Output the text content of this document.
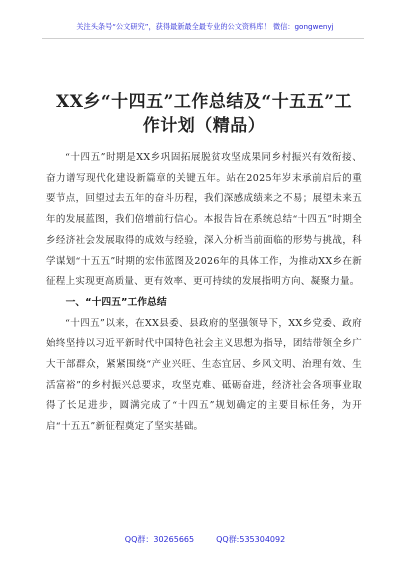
关注头条号“公文研究”，获得最新最全最专业的公文资料库！ 微信：gongwenyj
XX乡“十四五”工作总结及“十五五”工作计划（精品）

“十四五”时期是XX乡巩固拓展脱贫攻坚成果同乡村振兴有效衔接、奋力谱写现代化建设新篇章的关键五年。站在2025年岁末承前启后的重要节点，回望过去五年的奋斗历程，我们深感成绩来之不易；展望未来五年的发展蓝图，我们倍增前行信心。本报告旨在系统总结“十四五”时期全乡经济社会发展取得的成效与经验，深入分析当前面临的形势与挑战，科学谋划“十五五”时期的宏伟蓝图及2026年的具体工作，为推动XX乡在新征程上实现更高质量、更有效率、更可持续的发展指明方向、凝聚力量。

一、“十四五”工作总结

“十四五”以来，在XX县委、县政府的坚强领导下，XX乡党委、政府始终坚持以习近平新时代中国特色社会主义思想为指导，团结带领全乡广大干部群众，紧紧围绕“产业兴旺、生态宜居、乡风文明、治理有效、生活富裕”的乡村振兴总要求，攻坚克难、砥砺奋进，经济社会各项事业取得了长足进步，圆满完成了“十四五”规划确定的主要目标任务，为开启“十五五”新征程奠定了坚实基础。

QQ群：30265665	QQ群:535304092
